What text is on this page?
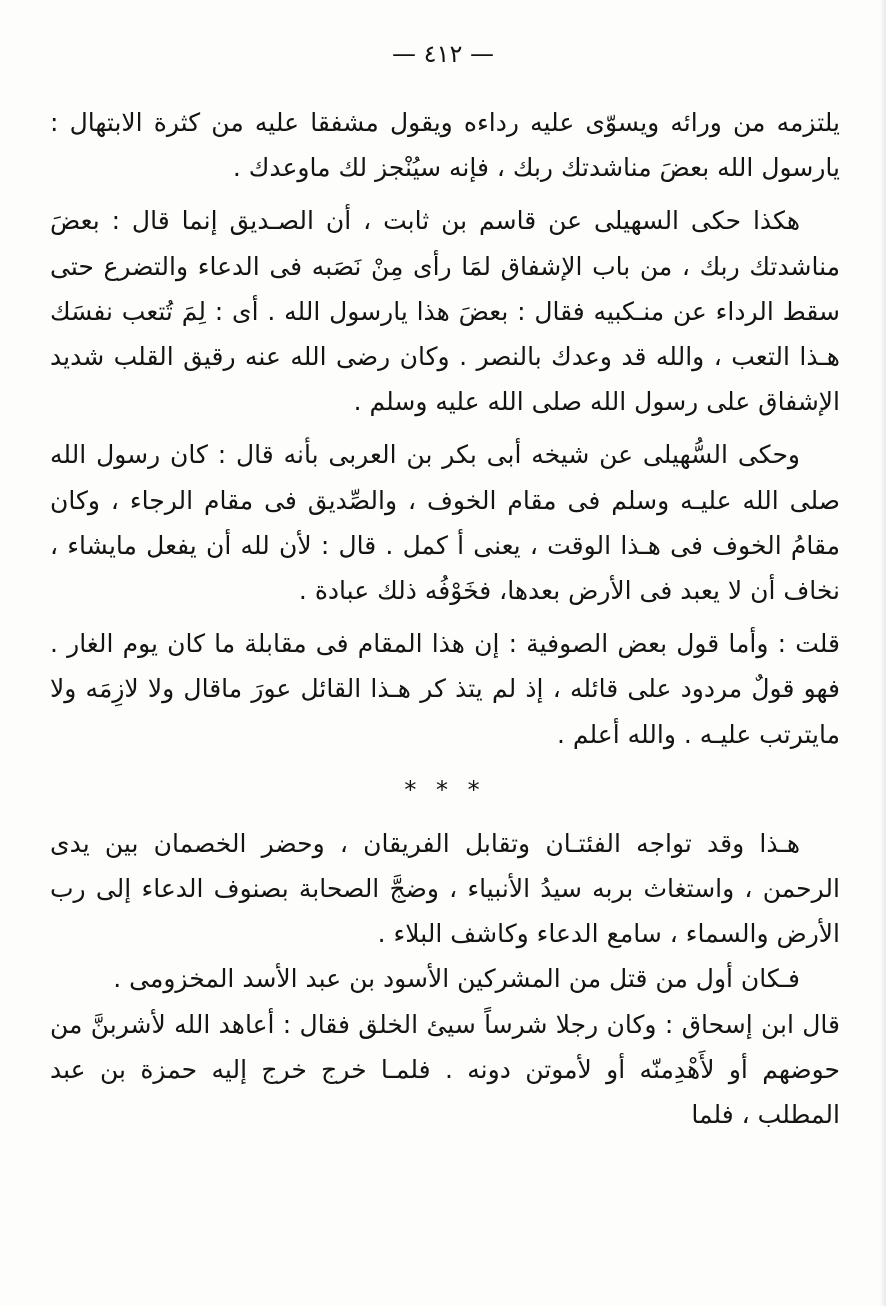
— ٤١٢ —

يلتزمه من ورائه ويسوّى عليه رداءه ويقول مشفقا عليه من كثرة الابتهال : يارسول الله بعضَ مناشدتك ربك ، فإنه سيُنْجز لك ماوعدك .

هكذا حكى السهيلى عن قاسم بن ثابت ، أن الصـديق إنما قال : بعضَ مناشدتك ربك ، من باب الإشفاق لمَا رأى مِنْ نَصَبه فى الدعاء والتضرع حتى سقط الرداء عن منـكبيه فقال : بعضَ هذا يارسول الله . أى : لِمَ تُتعب نفسَك هـذا التعب ، والله قد وعدك بالنصر . وكان رضى الله عنه رقيق القلب شديد الإشفاق على رسول الله صلى الله عليه وسلم .

وحكى السُّهيلى عن شيخه أبى بكر بن العربى بأنه قال : كان رسول الله صلى الله عليـه وسلم فى مقام الخوف ، والصِّديق فى مقام الرجاء ، وكان مقامُ الخوف فى هـذا الوقت ، يعنى أ كمل . قال : لأن لله أن يفعل مايشاء ، نخاف أن لا يعبد فى الأرض بعدها، فخَوْفُه ذلك عبادة .

قلت : وأما قول بعض الصوفية : إن هذا المقام فى مقابلة ما كان يوم الغار . فهو قولٌ مردود على قائله ، إذ لم يتذ كر هـذا القائل عورَ ماقال ولا لازِمَه ولا مايترتب عليـه . والله أعلم .

* * *

هـذا وقد تواجه الفئتـان وتقابل الفريقان ، وحضر الخصمان بين يدى الرحمن ، واستغاث بربه سيدُ الأنبياء ، وضجَّ الصحابة بصنوف الدعاء إلى رب الأرض والسماء ، سامع الدعاء وكاشف البلاء .

فـكان أول من قتل من المشركين الأسود بن عبد الأسد المخزومى .

قال ابن إسحاق : وكان رجلا شرساً سيئ الخلق فقال : أعاهد الله لأشربنَّ من حوضهم أو لأَهْدِمنّه أو لأموتن دونه . فلمـا خرج خرج إليه حمزة بن عبد المطلب ، فلما
